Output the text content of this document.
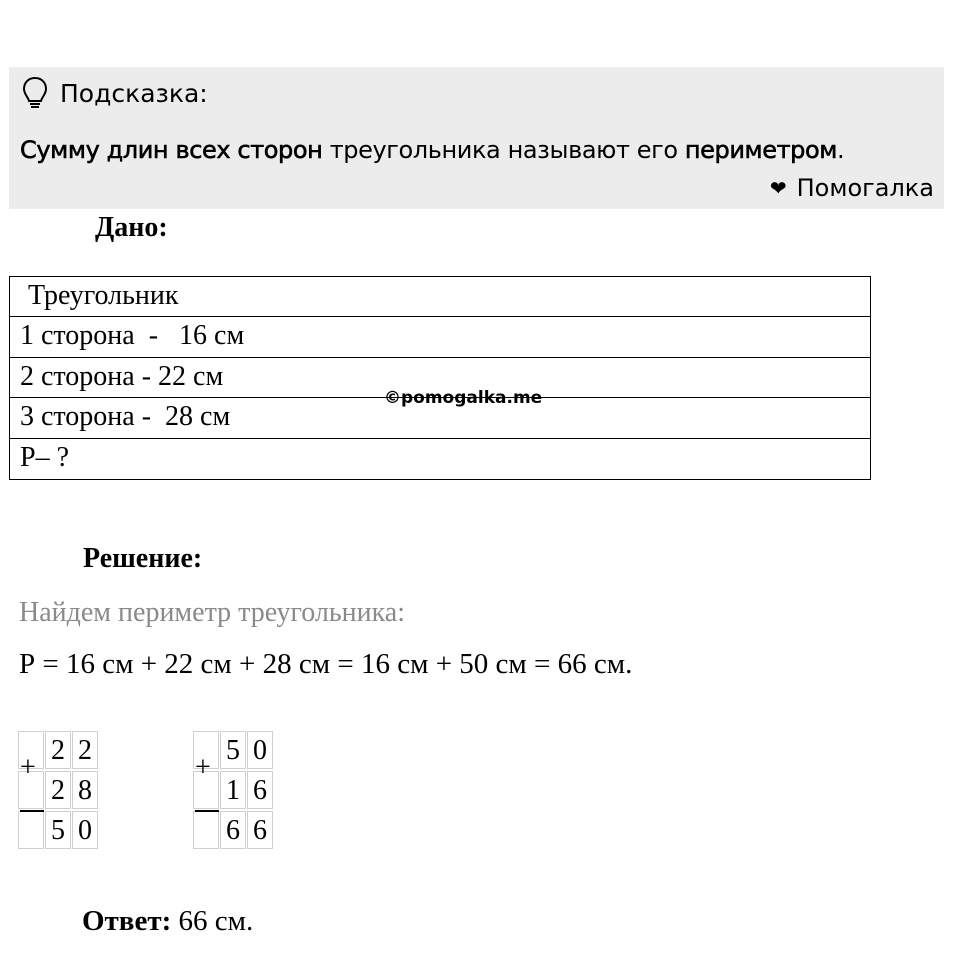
Подсказка:
Сумму длин всех сторон треугольника называют его периметром.
❤ Помогалка
Дано:
Треугольник
1 сторона  -   16 см
2 сторона - 22 см
3 сторона -  28 см
Р– ?
©pomogalka.me
Решение:
Найдем периметр треугольника:
Р = 16 см + 22 см + 28 см = 16 см + 50 см = 66 см.
2 2
2 8
5 0
+
5 0
1 6
6 6
+
Ответ: 66 см.
